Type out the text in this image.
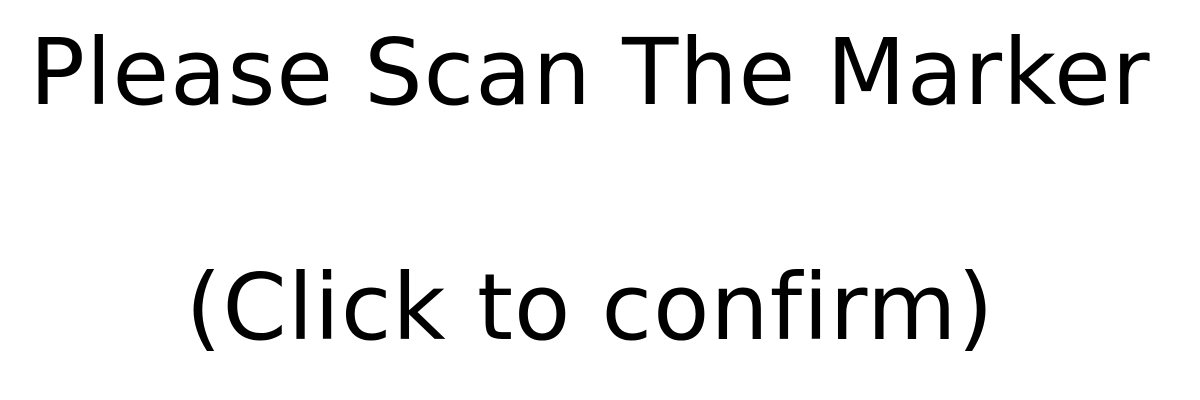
Please Scan The Marker
(Click to confirm)
